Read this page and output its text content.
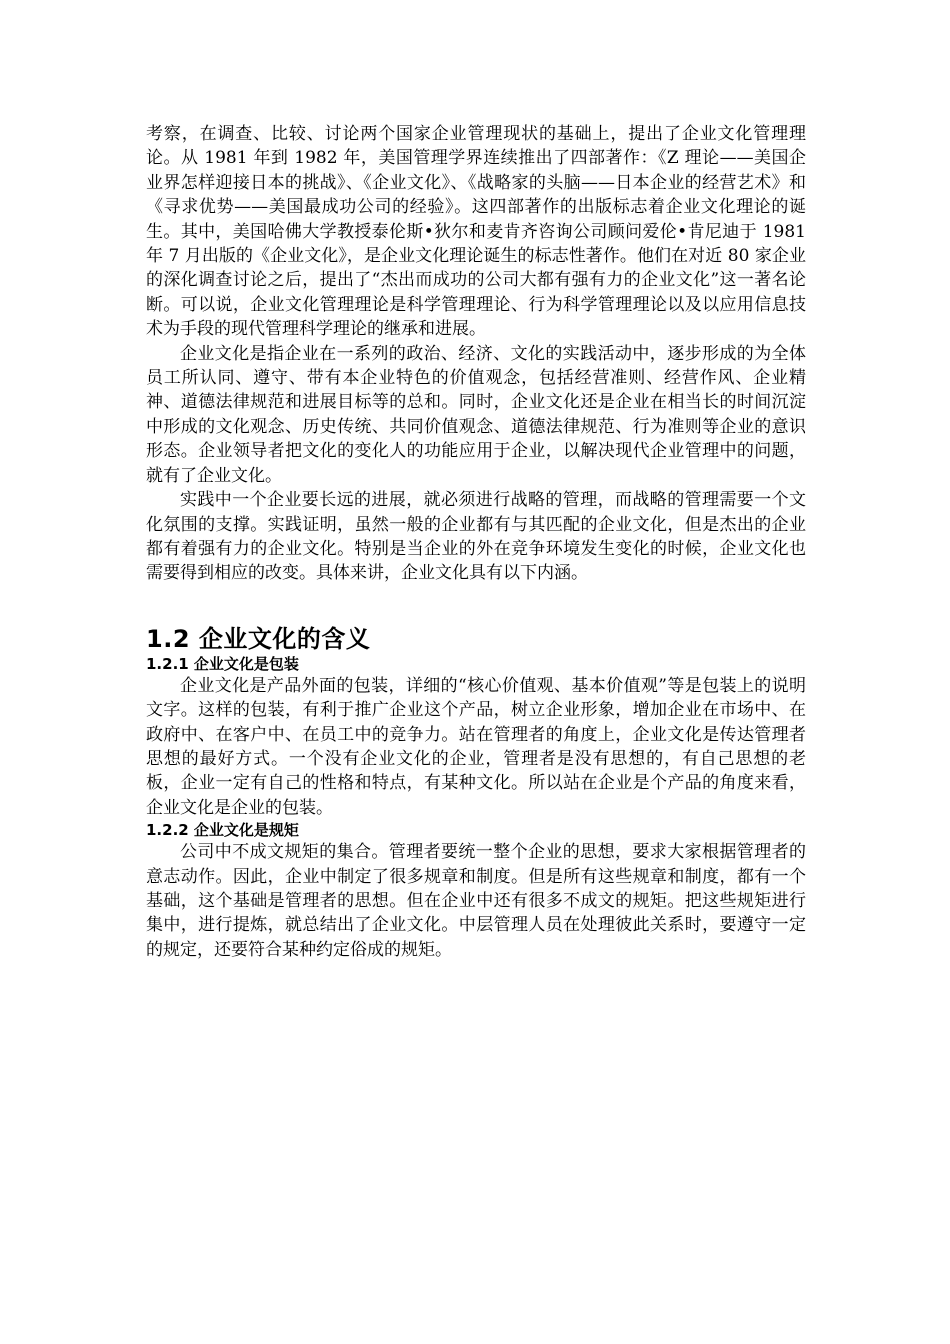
考察，在调查、比较、讨论两个国家企业管理现状的基础上，提出了企业文化管理理论。从 1981 年到 1982 年，美国管理学界连续推出了四部著作：《Z 理论——美国企业界怎样迎接日本的挑战》、《企业文化》、《战略家的头脑——日本企业的经营艺术》和《寻求优势——美国最成功公司的经验》。这四部著作的出版标志着企业文化理论的诞生。其中，美国哈佛大学教授泰伦斯•狄尔和麦肯齐咨询公司顾问爱伦•肯尼迪于 1981 年 7 月出版的《企业文化》，是企业文化理论诞生的标志性著作。他们在对近 80 家企业的深化调查讨论之后，提出了“杰出而成功的公司大都有强有力的企业文化”这一著名论断。可以说，企业文化管理理论是科学管理理论、行为科学管理理论以及以应用信息技术为手段的现代管理科学理论的继承和进展。

企业文化是指企业在一系列的政治、经济、文化的实践活动中，逐步形成的为全体员工所认同、遵守、带有本企业特色的价值观念，包括经营准则、经营作风、企业精神、道德法律规范和进展目标等的总和。同时，企业文化还是企业在相当长的时间沉淀中形成的文化观念、历史传统、共同价值观念、道德法律规范、行为准则等企业的意识形态。企业领导者把文化的变化人的功能应用于企业，以解决现代企业管理中的问题，就有了企业文化。

实践中一个企业要长远的进展，就必须进行战略的管理，而战略的管理需要一个文化氛围的支撑。实践证明，虽然一般的企业都有与其匹配的企业文化，但是杰出的企业都有着强有力的企业文化。特别是当企业的外在竞争环境发生变化的时候，企业文化也需要得到相应的改变。具体来讲，企业文化具有以下内涵。

1.2 企业文化的含义
1.2.1 企业文化是包装

企业文化是产品外面的包装，详细的“核心价值观、基本价值观”等是包装上的说明文字。这样的包装，有利于推广企业这个产品，树立企业形象，增加企业在市场中、在政府中、在客户中、在员工中的竞争力。站在管理者的角度上，企业文化是传达管理者思想的最好方式。一个没有企业文化的企业，管理者是没有思想的，有自己思想的老板，企业一定有自己的性格和特点，有某种文化。所以站在企业是个产品的角度来看，企业文化是企业的包装。

1.2.2 企业文化是规矩

公司中不成文规矩的集合。管理者要统一整个企业的思想，要求大家根据管理者的意志动作。因此，企业中制定了很多规章和制度。但是所有这些规章和制度，都有一个基础，这个基础是管理者的思想。但在企业中还有很多不成文的规矩。把这些规矩进行集中，进行提炼，就总结出了企业文化。中层管理人员在处理彼此关系时，要遵守一定的规定，还要符合某种约定俗成的规矩。
